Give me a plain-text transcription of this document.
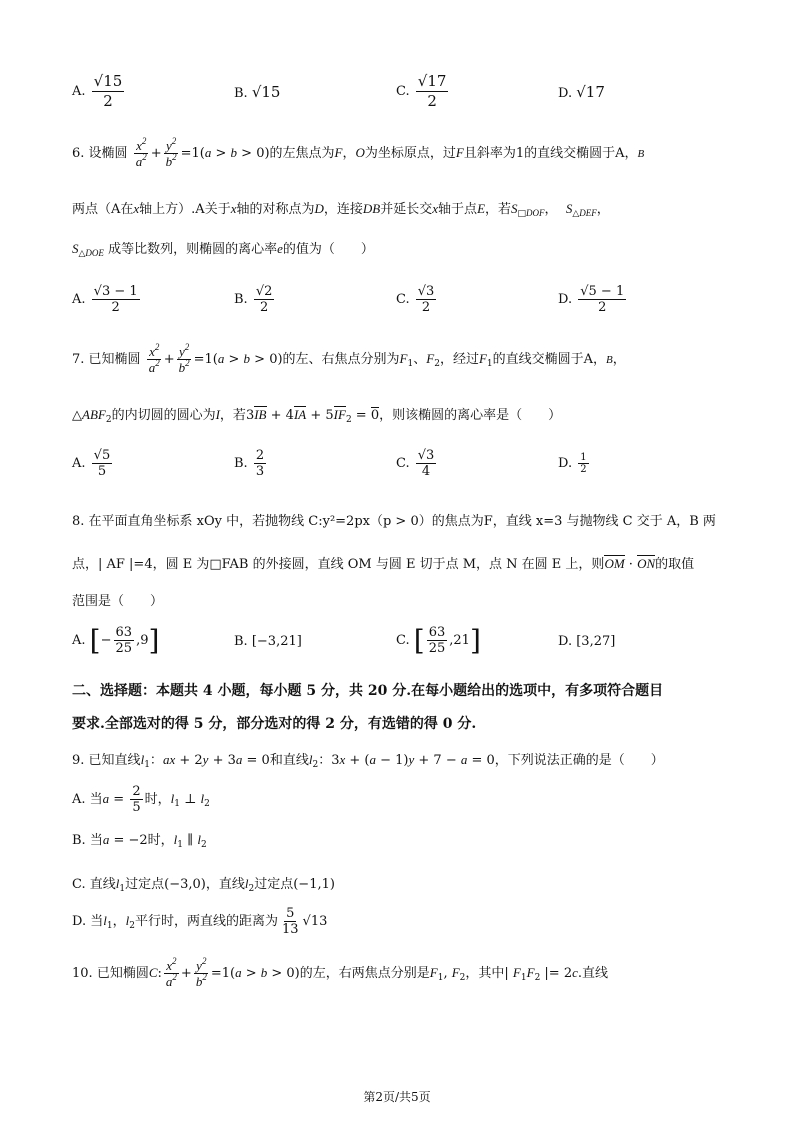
A. $\frac{√15}{2}$	B. √15	C. $\frac{√17}{2}$	D. √17
6. 设椭圆 $\frac{x^2}{a^2} + \frac{y^2}{b^2} =1(a > b > 0)$的左焦点为F，O为坐标原点，过F且斜率为1的直线交椭圆于A，B
两点（A在x轴上方）.A关于x轴的对称点为D，连接DB并延长交x轴于点E，若$S_{□DOF}$，  $S_{\triangle DEF}$，
$S_{\triangle DOE}$ 成等比数列，则椭圆的离心率e的值为（　　）
A. $\frac{√3 - 1}{2}$	B. $\frac{√2}{2}$	C. $\frac{√3}{2}$	D. $\frac{√5 - 1}{2}$
7. 已知椭圆 $\frac{x^2}{a^2} + \frac{y^2}{b^2} =1(a > b > 0)$的左、右焦点分别为$F_1$、$F_2$，经过$F_1$的直线交椭圆于A，B，
$\triangle ABF_2$的内切圆的圆心为I，若$3IB + 4IA + 5IF_2 = 0$，则该椭圆的离心率是（　　）
A. $\frac{√5}{5}$	B. $\frac{2}{3}$	C. $\frac{√3}{4}$	D. $\frac{1}{2}$
8. 在平面直角坐标系 xOy 中，若抛物线 C:y²=2px（p > 0）的焦点为F，直线 x=3 与抛物线 C 交于 A，B 两
点，| AF |=4，圆 E 为□FAB 的外接圆，直线 OM 与圆 E 切于点 M，点 N 在圆 E 上，则OM · ON的取值
范围是（　　）
A. [− $\frac{63}{25} ,9$]	B. [−3,21]	C. [ $\frac{63}{25} ,21$]	D. [3,27]
二、选择题：本题共 4 小题，每小题 5 分，共 20 分.在每小题给出的选项中，有多项符合题目
要求.全部选对的得 5 分，部分选对的得 2 分，有选错的得 0 分.
9. 已知直线$l_1$：ax + 2y + 3a = 0和直线$l_2$：3x + (a − 1)y + 7 − a = 0，下列说法正确的是（　　）
A. 当$a = \frac{2}{5}$ 时，$l_1$ ⊥ $l_2$
B. 当a = −2时，$l_1$ ∥ $l_2$
C. 直线$l_1$过定点(−3,0)，直线$l_2$过定点(−1,1)
D. 当$l_1$，$l_2$平行时，两直线的距离为 $\frac{5}{13} √13$
10. 已知椭圆C: $\frac{x^2}{a^2} + \frac{y^2}{b^2} =1(a > b > 0)$的左，右两焦点分别是$F_1$, $F_2$，其中| $F_1F_2$ |= 2c.直线
第2页/共5页
